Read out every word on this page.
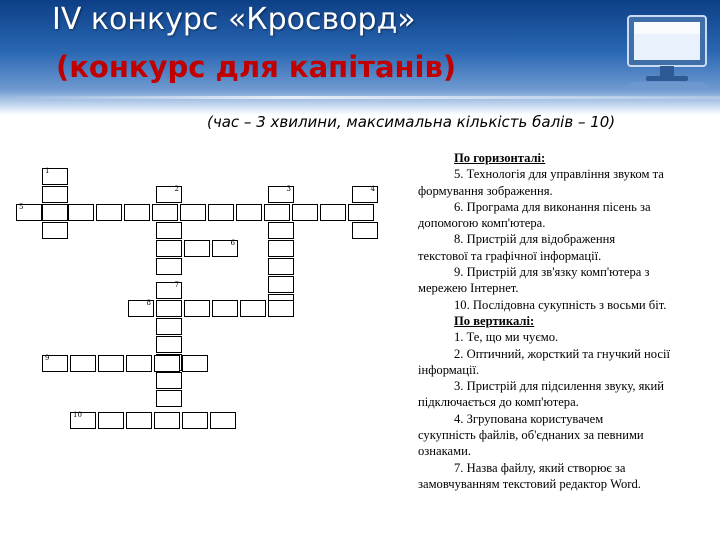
IV конкурс «Кросворд»
(конкурс для капітанів)
(час – 3 хвилини, максимальна кількість балів – 10)
1
5
2	3	4
6
7
8
9
10

По горизонталі:

5. Технологія для управління звуком та

формування зображення.

6. Програма для виконання пісень за

допомогою комп'ютера.

8. Пристрій для відображення

текстової та графічної інформації.

9. Пристрій для зв'язку комп'ютера з

мережею Інтернет.

10. Послідовна сукупність з восьми біт.

По вертикалі:

1. Те, що ми чуємо.

2. Оптичний, жорсткий та гнучкий носії

інформації.

3. Пристрій для підсилення звуку, який

підключається до комп'ютера.

4. Згрупована користувачем

сукупність файлів, об'єднаних за певними

ознаками.

7. Назва файлу, який створює за

замовчуванням текстовий редактор Word.
